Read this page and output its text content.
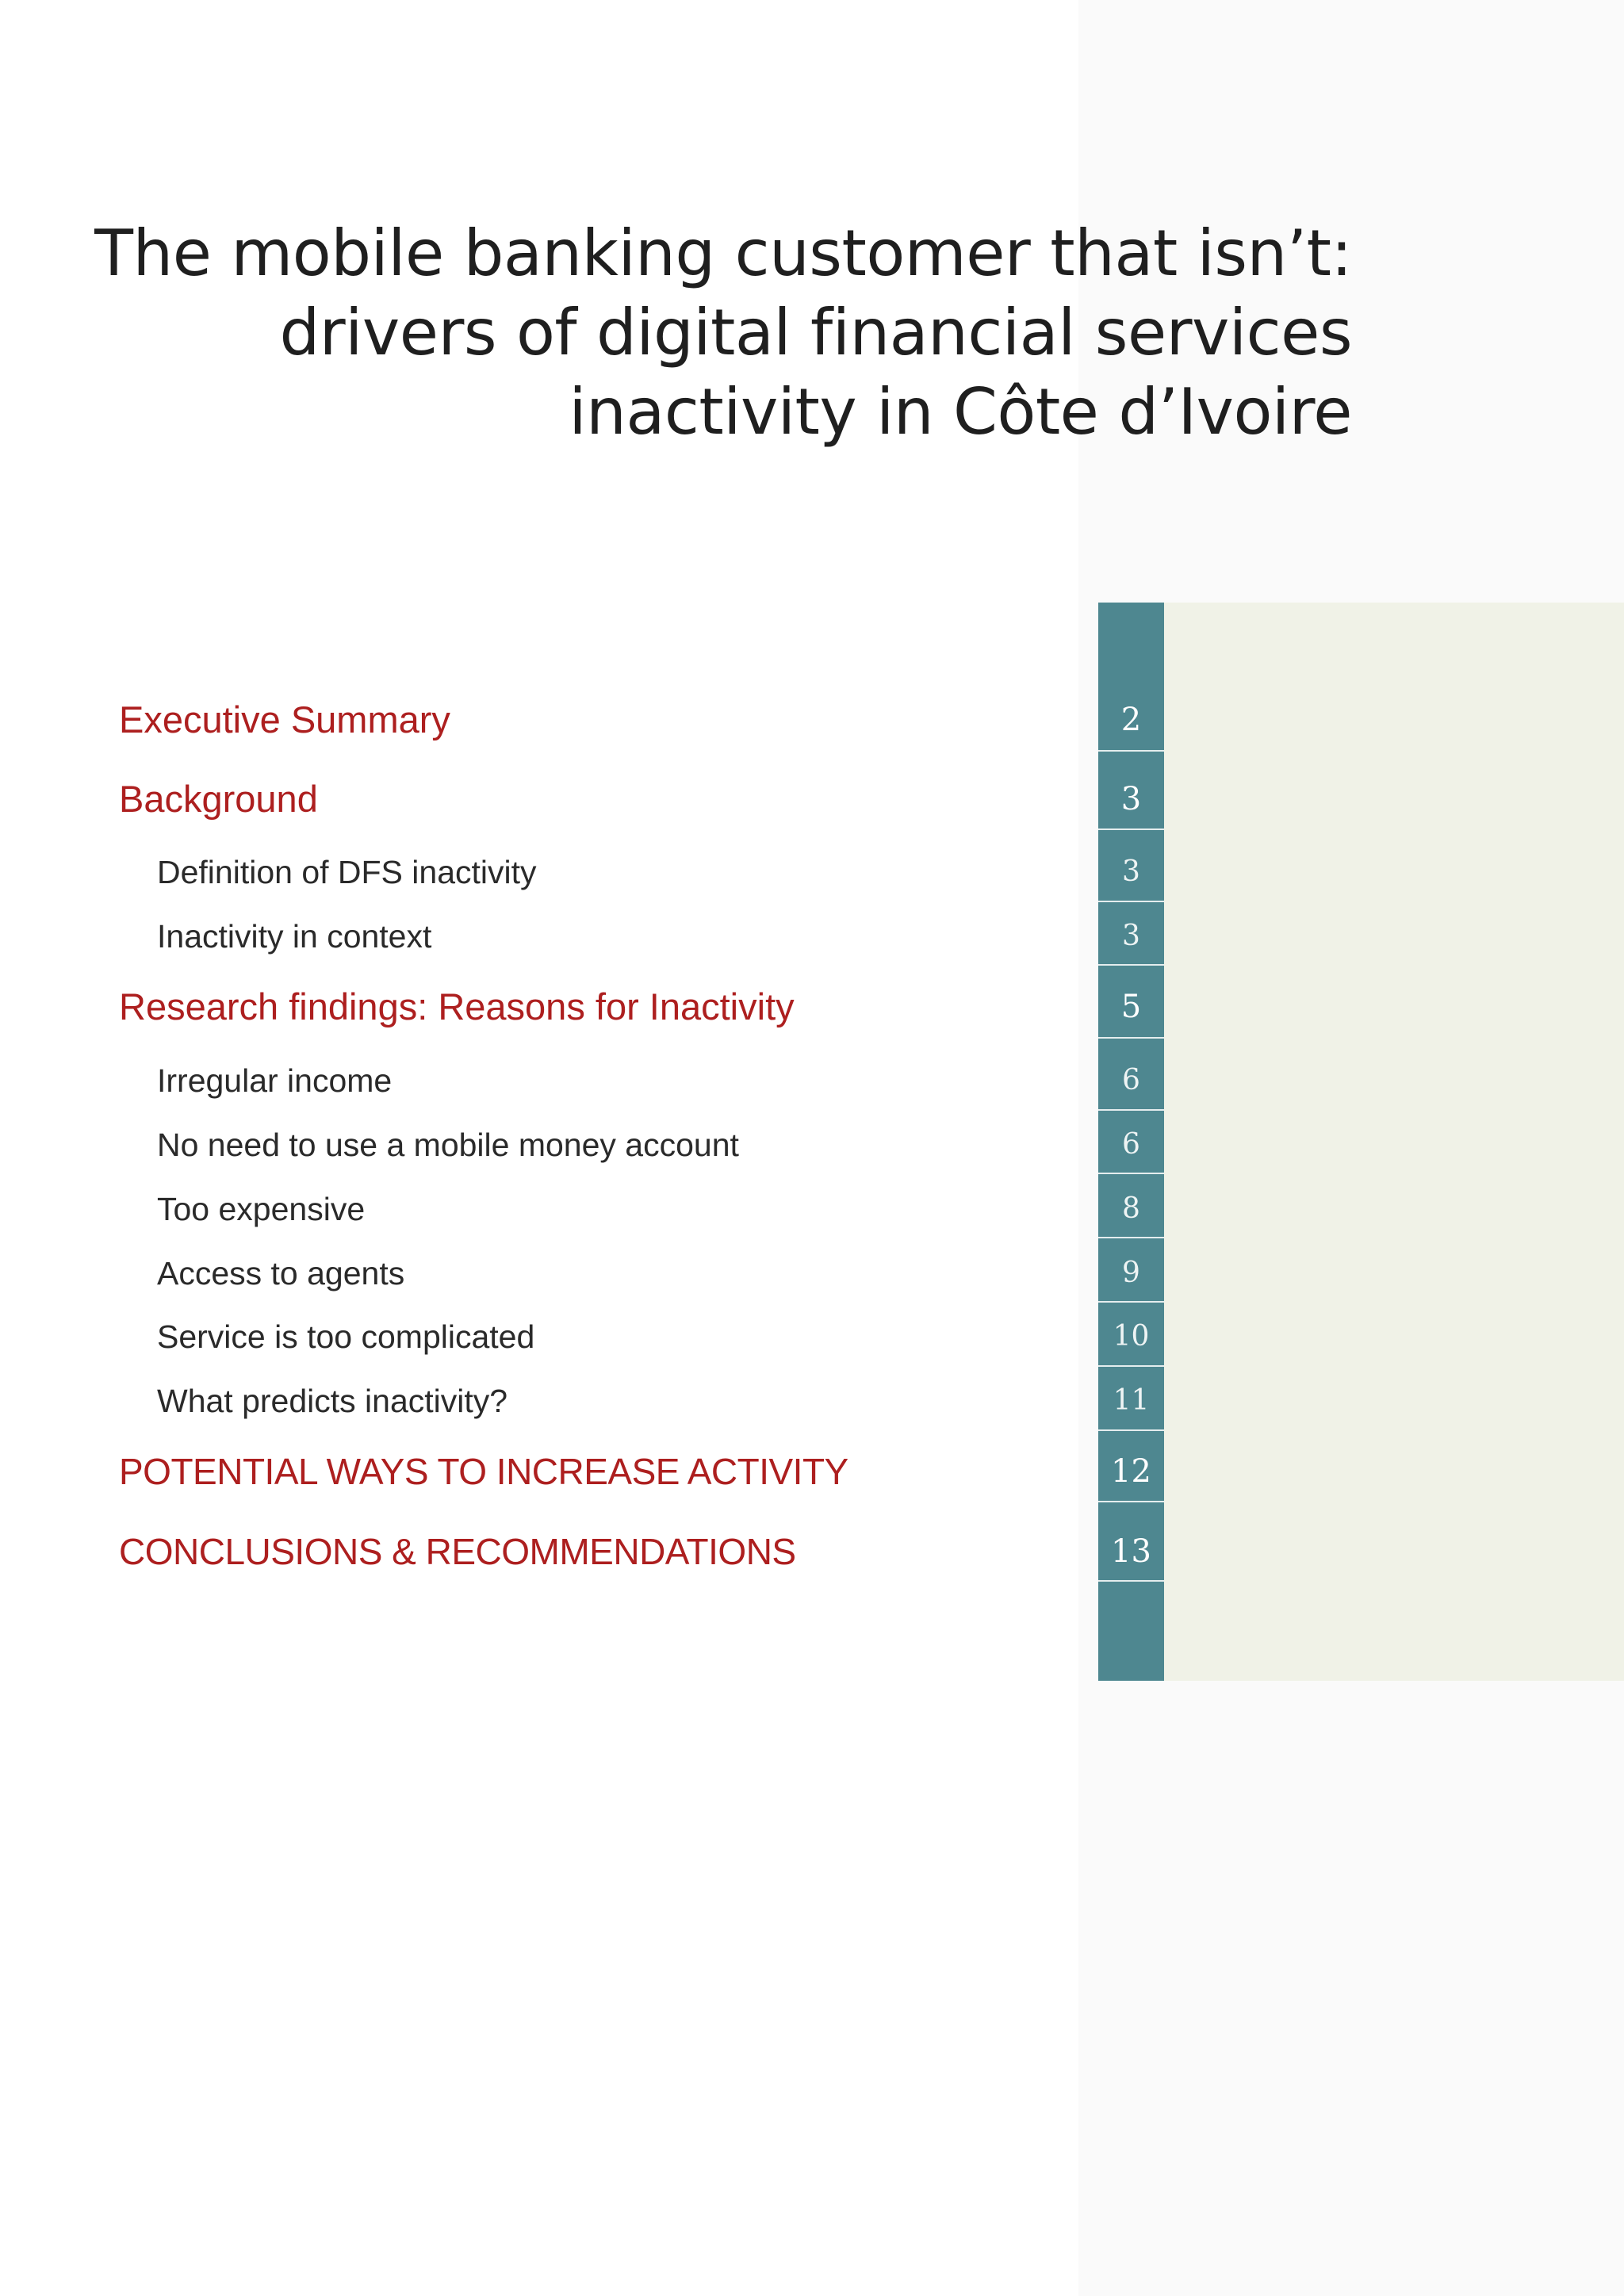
The mobile banking customer that isn’t:
drivers of digital financial services
inactivity in Côte d’Ivoire
Executive Summary	2
Background	3
Definition of DFS inactivity	3
Inactivity in context	3
Research findings: Reasons for Inactivity	5
Irregular income	6
No need to use a mobile money account	6
Too expensive	8
Access to agents	9
Service is too complicated	10
What predicts inactivity?	11
POTENTIAL WAYS TO INCREASE ACTIVITY	12
CONCLUSIONS & RECOMMENDATIONS	13
